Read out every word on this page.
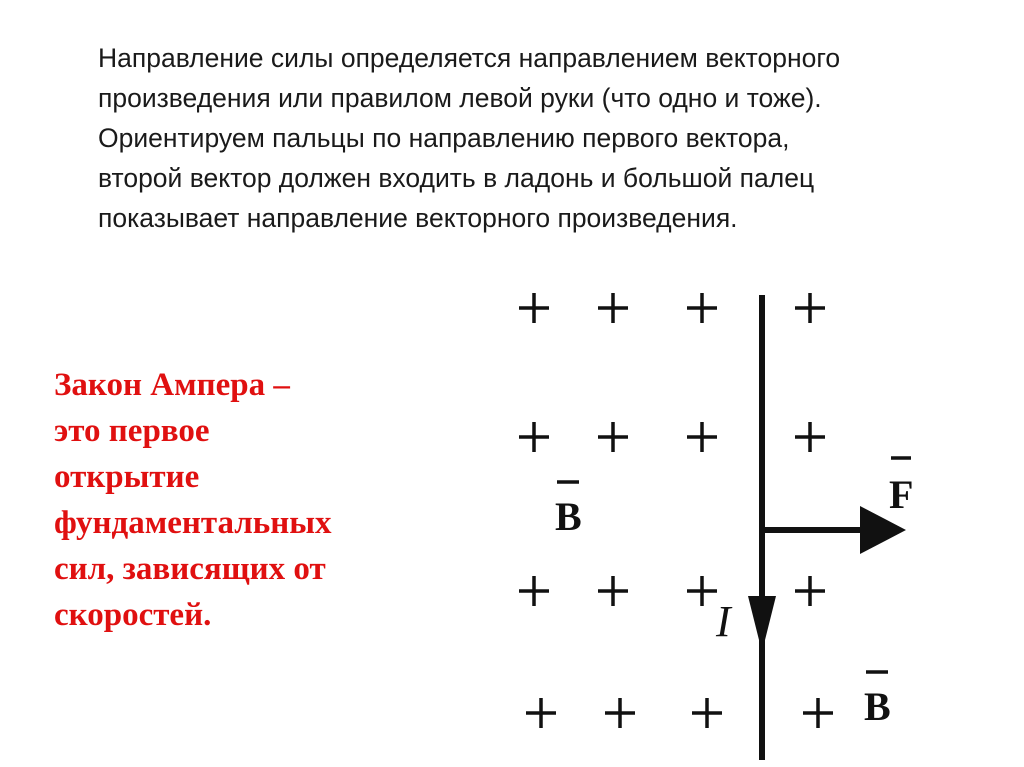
Направление силы определяется направлением векторного
произведения или правилом левой руки (что одно и тоже).
Ориентируем пальцы по направлению первого вектора,
второй вектор должен входить в ладонь и большой палец
показывает направление векторного произведения.

Закон Ампера –
это первое
открытие
фундаментальных
сил, зависящих от
скоростей.

B	F
B
I
